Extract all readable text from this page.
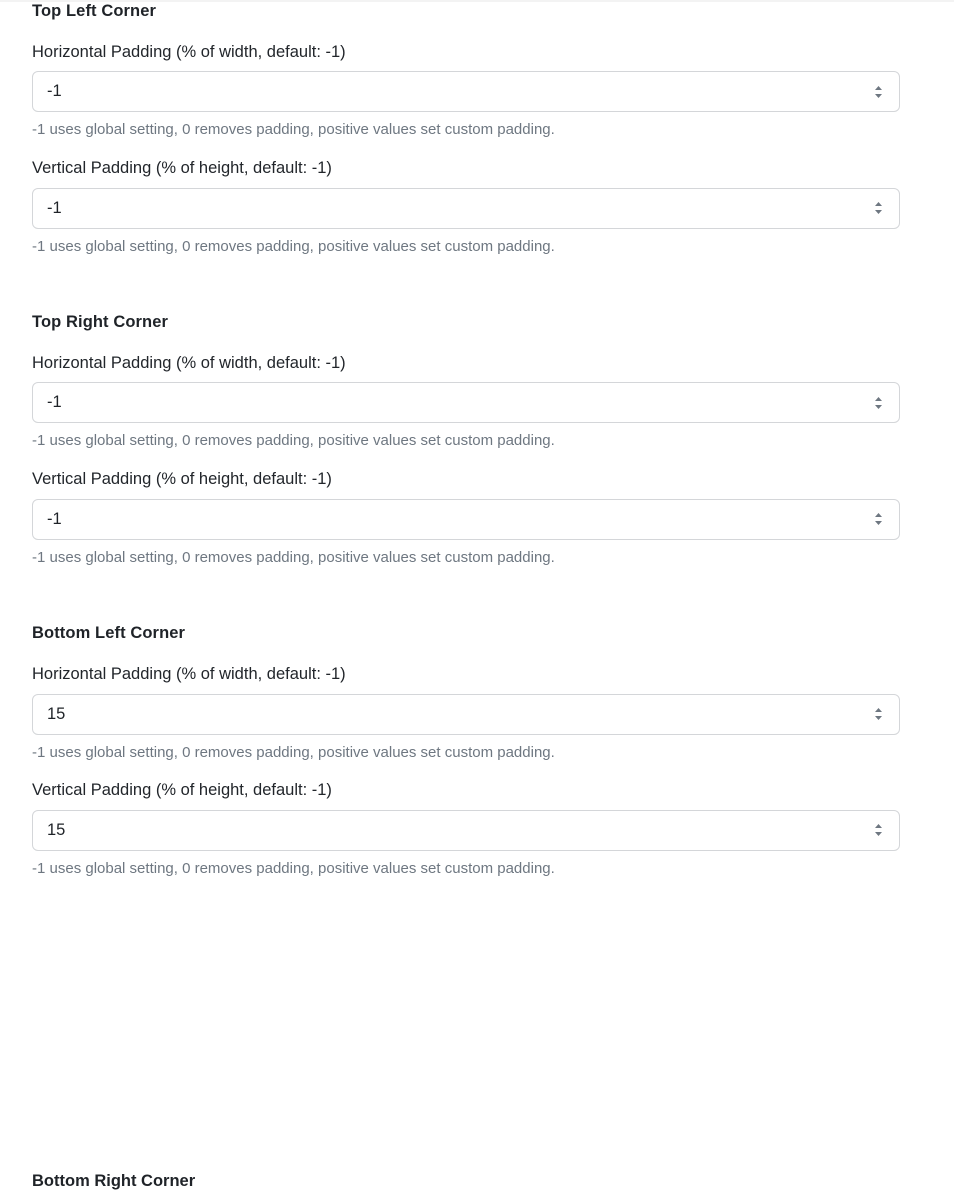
Top Left Corner
Horizontal Padding (% of width, default: -1)
-1
-1 uses global setting, 0 removes padding, positive values set custom padding.
Vertical Padding (% of height, default: -1)
-1
-1 uses global setting, 0 removes padding, positive values set custom padding.
Top Right Corner
Horizontal Padding (% of width, default: -1)
-1
-1 uses global setting, 0 removes padding, positive values set custom padding.
Vertical Padding (% of height, default: -1)
-1
-1 uses global setting, 0 removes padding, positive values set custom padding.
Bottom Left Corner
Horizontal Padding (% of width, default: -1)
15
-1 uses global setting, 0 removes padding, positive values set custom padding.
Vertical Padding (% of height, default: -1)
15
-1 uses global setting, 0 removes padding, positive values set custom padding.
Bottom Right Corner
